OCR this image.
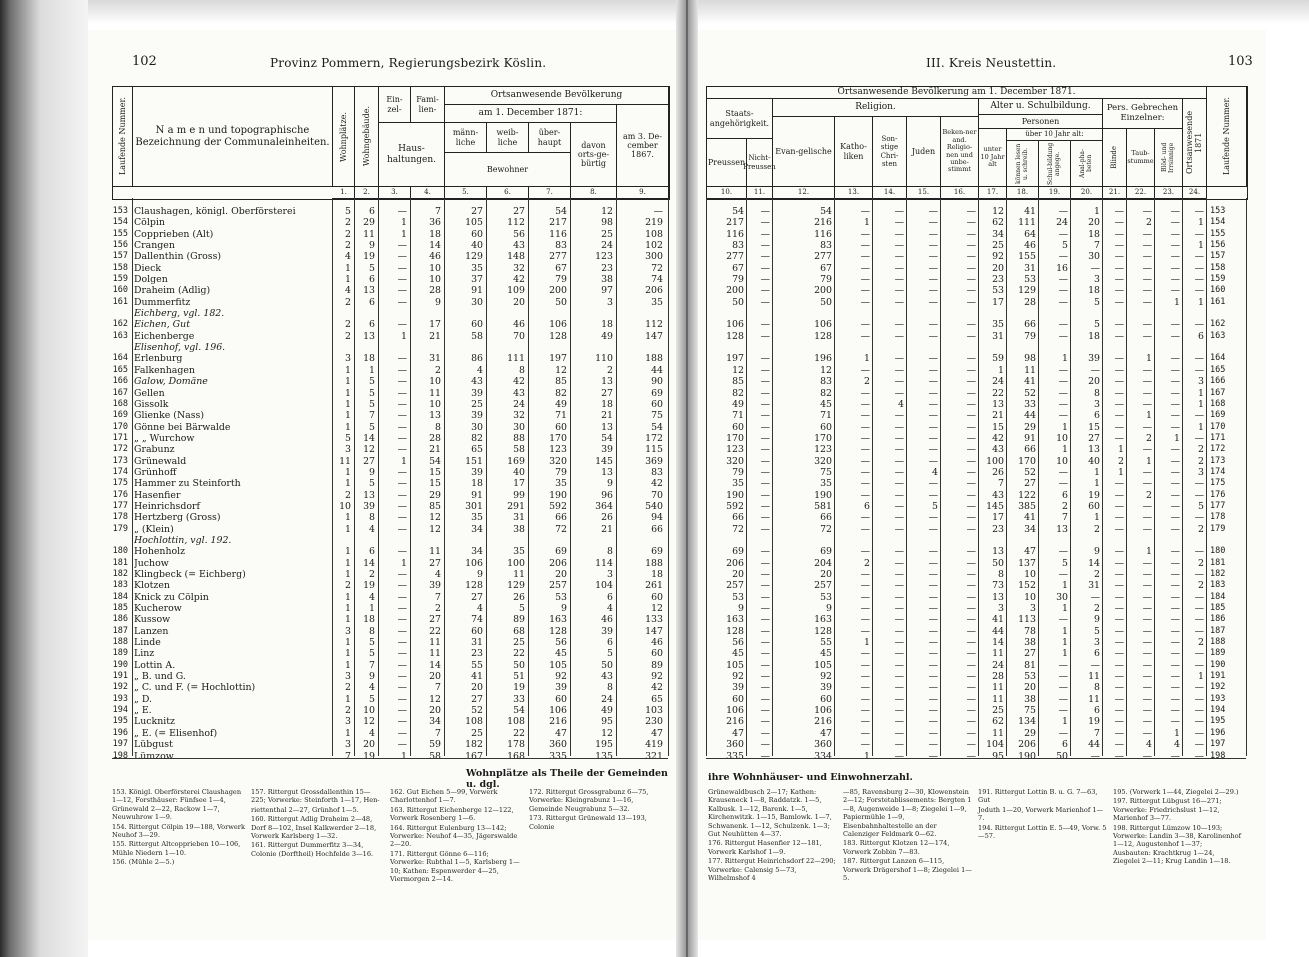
102	Provinz Pommern, Regierungsbezirk Köslin.
Laufende Nummer.	N a m e n und topographische Bezeichnung der Communaleinheiten.	Wohnplätze. Wohngebäude.
Ein-zel-
Fami-lien-
Haus-haltungen.
Ortsanwesende Bevölkerung
am 1. December 1871:
männ-liche
weib-liche
über-haupt
Bewohner
davon orts-ge-bürtig
am 3. De-cember 1867.
1.	2.	3.	4.	5.	6.	7.	8.	9.
153 Claushagen, königl. Oberförsterei	5	6	—	7	27	27	54	12	—
154 Cölpin	2	29	1	36	105	112	217	98	219
155 Copprieben (Alt)	2	11	1	18	60	56	116	25	108
156 Crangen	2	9	—	14	40	43	83	24	102
157 Dallenthin (Gross)	4	19	—	46	129	148	277	123	300
158 Dieck	1	5	—	10	35	32	67	23	72
159 Dolgen	1	6	—	10	37	42	79	38	74
160 Draheim (Adlig)	4	13	—	28	91	109	200	97	206
161 Dummerfitz	2	6	—	9	30	20	50	3	35
Eichberg, vgl. 182.
162 Eichen, Gut	2	6	—	17	60	46	106	18	112
163 Eichenberge	2	13	1	21	58	70	128	49	147
Elisenhof, vgl. 196.
164 Erlenburg	3	18	—	31	86	111	197	110	188
165 Falkenhagen	1	1	—	2	4	8	12	2	44
166 Galow, Domäne	1	5	—	10	43	42	85	13	90
167 Gellen	1	5	—	11	39	43	82	27	69
168 Gissolk	1	5	—	10	25	24	49	18	60
169 Glienke (Nass)	1	7	—	13	39	32	71	21	75
170 Gönne bei Bärwalde	1	5	—	8	30	30	60	13	54
171 „ „ Wurchow	5	14	—	28	82	88	170	54	172
172 Grabunz	3	12	—	21	65	58	123	39	115
173 Grünewald	11	27	1	54	151	169	320	145	369
174 Grünhoff	1	9	—	15	39	40	79	13	83
175 Hammer zu Steinforth	1	5	—	15	18	17	35	9	42
176 Hasenfier	2	13	—	29	91	99	190	96	70
177 Heinrichsdorf	10	39	—	85	301	291	592	364	540
178 Hertzberg (Gross)	1	8	—	12	35	31	66	26	94
179 „ (Klein)	1	4	—	12	34	38	72	21	66
Hochlottin, vgl. 192.
180 Hohenholz	1	6	—	11	34	35	69	8	69
181 Juchow	1	14	1	27	106	100	206	114	188
182 Klingbeck (= Eichberg)	1	2	—	4	9	11	20	3	18
183 Klotzen	2	19	—	39	128	129	257	104	261
184 Knick zu Cölpin	1	4	—	7	27	26	53	6	60
185 Kucherow	1	1	—	2	4	5	9	4	12
186 Kussow	1	18	—	27	74	89	163	46	133
187 Lanzen	3	8	—	22	60	68	128	39	147
188 Linde	1	5	—	11	31	25	56	6	46
189 Linz	1	5	—	11	23	22	45	5	60
190 Lottin A.	1	7	—	14	55	50	105	50	89
191 „ B. und G.	3	9	—	20	41	51	92	43	92
192 „ C. und F. (= Hochlottin)	2	4	—	7	20	19	39	8	42
193 „ D.	1	5	—	12	27	33	60	24	65
194 „ E.	2	10	—	20	52	54	106	49	103
195 Lucknitz	3	12	—	34	108	108	216	95	230
196 „ E. (= Elisenhof)	1	4	—	7	25	22	47	12	47
197 Lübgust	3	20	—	59	182	178	360	195	419
198 Lümzow	7	19	1	58	167	168	335	135	321
Wohnplätze als Theile der Gemeinden u. dgl.
153. Königl. Oberförsterei Claushagen 1—12, Forsthäuser: Fünfsee 1—4, Grünewald 2—22, Rackow 1—7, Neuwuhrow 1—9.
154. Rittergut Cölpin 19—188, Vorwerk Neuhof 3—29.
155. Rittergut Altcopprieben 10—106, Mühle Niedern 1—10.
156. (Mühle 2—5.)
157. Rittergut Grossdallenthin 15—225; Vorwerke: Steinforth 1—17, Hen-
riettenthal 2—27, Grünhof 1—5.
160. Rittergut Adlig Draheim 2—48, Dorf 8—102, Insel Kalkwerder 2—18, Vorwerk Karlsberg 1—32.
161. Rittergut Dummerfitz 3—34, Colonie (Dorftheil) Hochfelde 3—16.
162. Gut Eichen 5—99, Vorwerk Charlottenhof 1—7.
163. Rittergut Eichenberge 12—122, Vorwerk Rosenberg 1—6.
164. Rittergut Eulenburg 13—142; Vorwerke: Neuhof 4—35, Jägerswalde 2—20.
171. Rittergut Gönne 6—116; Vorwerke: Rubthal 1—5, Karlsberg 1—10; Kathen: Espenwerder 4—25, Viermorgen 2—14.
172. Rittergut Grossgrabunz 6—75, Vorwerke: Kleingrabunz 1—16, Gemeinde Neugrabunz 5—32.
173. Rittergut Grünewald 13—193, Colonie
III. Kreis Neustettin.	103
Ortsanwesende Bevölkerung am 1. December 1871.
Staats-angehörigkeit.
Preussen Nicht-Preussen
Religion.
Evan-gelische
Katho-liken
Son-stige Chri-sten
Juden
Beken-ner and. Religio-nen und unbe-stimmt
Alter u. Schulbildung.
Personen
unter 10 Jahr alt
über 10 Jahr alt:
können lesen u. schreib.	Schul-bildung angege.	Anal-pha-beten
Pers. Gebrechen Einzelner:
Blinde	Taub-stumme Blöd- und Irrsinnige Ortsanwesende 1871 Laufende Nummer.
10.	11.	12.	13.	14.	15.	16.	17.	18.	19.	20.	21.	22.	23.	24.
54	—	54	—	—	—	—	12	41	—	1	—	—	—	— 153
217	—	216	1	—	—	—	62	111	24	20	—	2	—	1 154
116	—	116	—	—	—	—	34	64	—	18	—	—	—	— 155
83	—	83	—	—	—	—	25	46	5	7	—	—	—	1 156
277	—	277	—	—	—	—	92	155	—	30	—	—	—	— 157
67	—	67	—	—	—	—	20	31	16	—	—	—	—	— 158
79	—	79	—	—	—	—	23	53	—	3	—	—	—	— 159
200	—	200	—	—	—	—	53	129	—	18	—	—	—	— 160
50	—	50	—	—	—	—	17	28	—	5	—	—	1	1 161
106	—	106	—	—	—	—	35	66	—	5	—	—	—	— 162
128	—	128	—	—	—	—	31	79	—	18	—	—	—	6 163
197	—	196	1	—	—	—	59	98	1	39	—	1	—	— 164
12	—	12	—	—	—	—	1	11	—	—	—	—	—	— 165
85	—	83	2	—	—	—	24	41	—	20	—	—	—	3 166
82	—	82	—	—	—	—	22	52	—	8	—	—	—	1 167
49	—	45	—	4	—	—	13	33	—	3	—	—	—	1 168
71	—	71	—	—	—	—	21	44	—	6	—	1	—	— 169
60	—	60	—	—	—	—	15	29	1	15	—	—	—	1 170
170	—	170	—	—	—	—	42	91	10	27	—	2	1	— 171
123	—	123	—	—	—	—	43	66	1	13	1	—	—	2 172
320	—	320	—	—	—	—	100	170	10	40	2	1	—	2 173
79	—	75	—	—	4	—	26	52	—	1	1	—	—	3 174
35	—	35	—	—	—	—	7	27	—	1	—	—	—	— 175
190	—	190	—	—	—	—	43	122	6	19	—	2	—	— 176
592	—	581	6	—	5	—	145	385	2	60	—	—	—	5 177
66	—	66	—	—	—	—	17	41	7	1	—	—	—	— 178
72	—	72	—	—	—	—	23	34	13	2	—	—	—	2 179
69	—	69	—	—	—	—	13	47	—	9	—	1	—	— 180
206	—	204	2	—	—	—	50	137	5	14	—	—	—	2 181
20	—	20	—	—	—	—	8	10	—	2	—	—	—	— 182
257	—	257	—	—	—	—	73	152	1	31	—	—	—	2 183
53	—	53	—	—	—	—	13	10	30	—	—	—	—	— 184
9	—	9	—	—	—	—	3	3	1	2	—	—	—	— 185
163	—	163	—	—	—	—	41	113	—	9	—	—	—	— 186
128	—	128	—	—	—	—	44	78	1	5	—	—	—	— 187
56	—	55	1	—	—	—	14	38	1	3	—	—	—	2 188
45	—	45	—	—	—	—	11	27	1	6	—	—	—	— 189
105	—	105	—	—	—	—	24	81	—	—	—	—	—	— 190
92	—	92	—	—	—	—	28	53	—	11	—	—	—	1 191
39	—	39	—	—	—	—	11	20	—	8	—	—	—	— 192
60	—	60	—	—	—	—	11	38	—	11	—	—	—	— 193
106	—	106	—	—	—	—	25	75	—	6	—	—	—	— 194
216	—	216	—	—	—	—	62	134	1	19	—	—	—	— 195
47	—	47	—	—	—	—	11	29	—	7	—	—	1	— 196
360	—	360	—	—	—	—	104	206	6	44	—	4	4	— 197
335	—	334	1	—	—	—	95	190	50	—	—	—	—	— 198
ihre Wohnhäuser- und Einwohnerzahl.
Grünewaldbusch 2—17; Kathen: Krauseneck 1—8, Raddatzk. 1—5, Kalbusk. 1—12, Barenk. 1—5, Kirchenwitzk. 1—15, Bamlowk. 1—7, Schwanenk. 1—12, Schulzenk. 1—3; Gut Neuhütten 4—37.
176. Rittergut Hasenfier 12—181, Vorwerk Karlshof 1—9.
177. Rittergut Heinrichsdorf 22—290; Vorwerke: Calensig 5—73, Wilhelmshof 4
—85, Ravensburg 2—30, Klowenstein 2—12; Forstetablissements: Bergten 1—8, Augenweide 1—8; Ziegelei 1—9, Papiermühle 1—9, Eisenbahnhaltestelle an der Calenziger Feldmark 0—62.
183. Rittergut Klotzen 12—174, Vorwerk Zobbin 7—83.
187. Rittergut Lanzen 6—115, Vorwerk Drägershof 1—8; Ziegelei 1—5.
191. Rittergut Lottin B. u. G. 7—63, Gut
Joduth 1—20, Vorwerk Marienhof 1—7.
194. Rittergut Lottin E. 5—49, Vorw. 5—57.
195. (Vorwerk 1—44, Ziegelei 2—29.)
197. Rittergut Lübgust 16—271; Vorwerke: Friedrichslust 1—12, Marienhof 3—77.
198. Rittergut Lümzow 10—193; Vorwerke: Landin 3—38, Karolinenhof 1—12, Augustenhof 1—37; Ausbauten: Krachtkrug 1—24, Ziegelei 2—11; Krug Landin 1—18.
